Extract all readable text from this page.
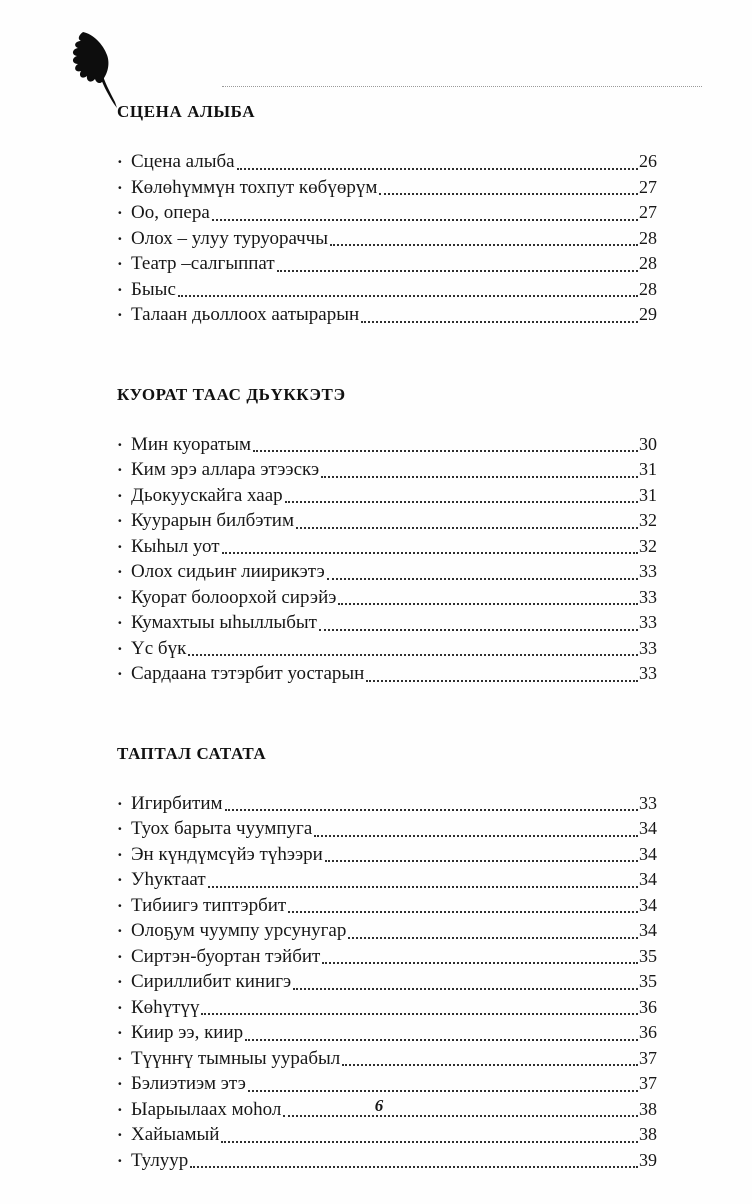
СЦЕНА АЛЫБА
· Сцена алыба	26
· Көлөһүммүн тохпут көбүөрүм	27
· Оо, опера	27
· Олох – улуу туруораччы	28
· Театр –салгыппат	28
· Быыс	28
· Талаан дьоллоох аатырарын	29
КУОРАТ ТААС ДЬҮККЭТЭ
· Мин куоратым	30
· Ким эрэ аллара этээскэ	31
· Дьокуускайга хаар	31
· Куурарын билбэтим	32
· Кыһыл уот	32
· Олох сидьиҥ лиирикэтэ	33
· Куорат болоорхой сирэйэ	33
· Кумахтыы ыһыллыбыт	33
· Үс бүк	33
· Сардаана тэтэрбит уостарын	33
ТАПТАЛ САТАТА
· Игирбитим	33
· Туох барыта чуумпуга	34
· Эн күндүмсүйэ түһээри	34
· Уһуктаат	34
· Тибиигэ типтэрбит	34
· Олоҕум чуумпу урсунугар	34
· Сиртэн-буортан тэйбит	35
· Сириллибит кинигэ	35
· Көһүтүү	36
· Киир ээ, киир	36
· Түүнҥү тымныы уурабыл	37
· Бэлиэтиэм этэ	37
· Ыарыылаах моһол	38
· Хайыамый	38
· Тулуур	39
6
